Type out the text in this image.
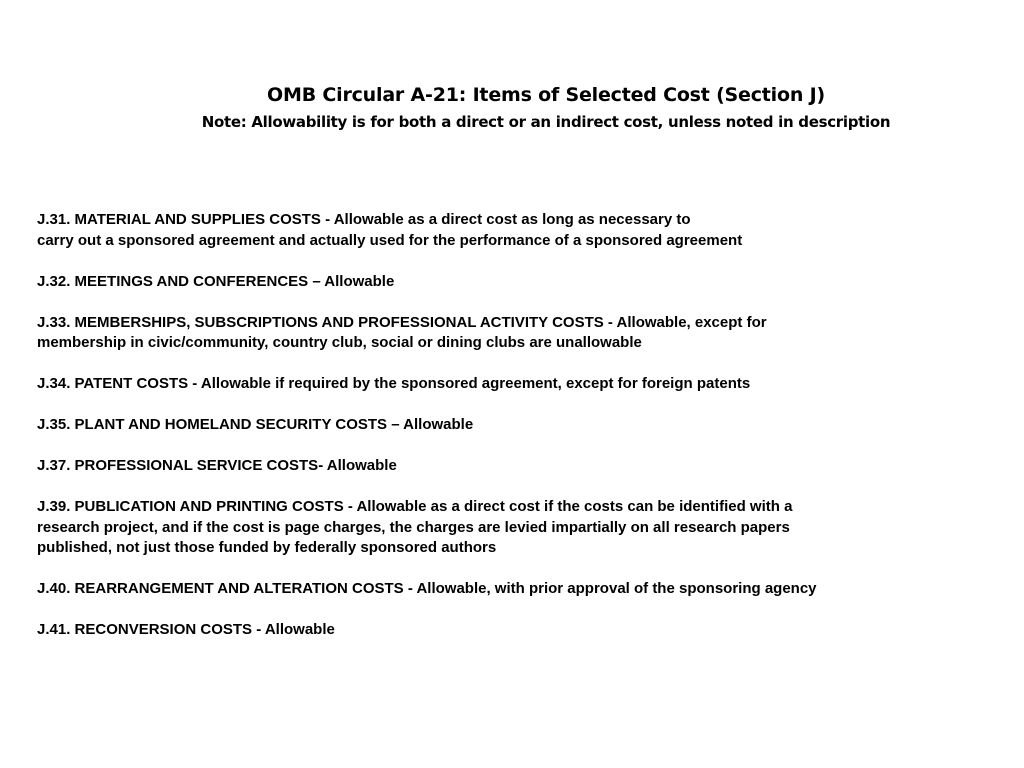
OMB Circular A-21: Items of Selected Cost (Section J)
Note: Allowability is for both a direct or an indirect cost, unless noted in description
J.31. MATERIAL AND SUPPLIES COSTS - Allowable as a direct cost as long as necessary to
carry out a sponsored agreement and actually used for the performance of a sponsored agreement
J.32. MEETINGS AND CONFERENCES – Allowable
J.33. MEMBERSHIPS, SUBSCRIPTIONS AND PROFESSIONAL ACTIVITY COSTS - Allowable, except for
membership in civic/community, country club, social or dining clubs are unallowable
J.34. PATENT COSTS - Allowable if required by the sponsored agreement, except for foreign patents
J.35. PLANT AND HOMELAND SECURITY COSTS – Allowable
J.37. PROFESSIONAL SERVICE COSTS- Allowable
J.39. PUBLICATION AND PRINTING COSTS - Allowable as a direct cost if the costs can be identified with a
research project, and if the cost is page charges, the charges are levied impartially on all research papers
published, not just those funded by federally sponsored authors
J.40. REARRANGEMENT AND ALTERATION COSTS - Allowable, with prior approval of the sponsoring agency
J.41. RECONVERSION COSTS - Allowable
